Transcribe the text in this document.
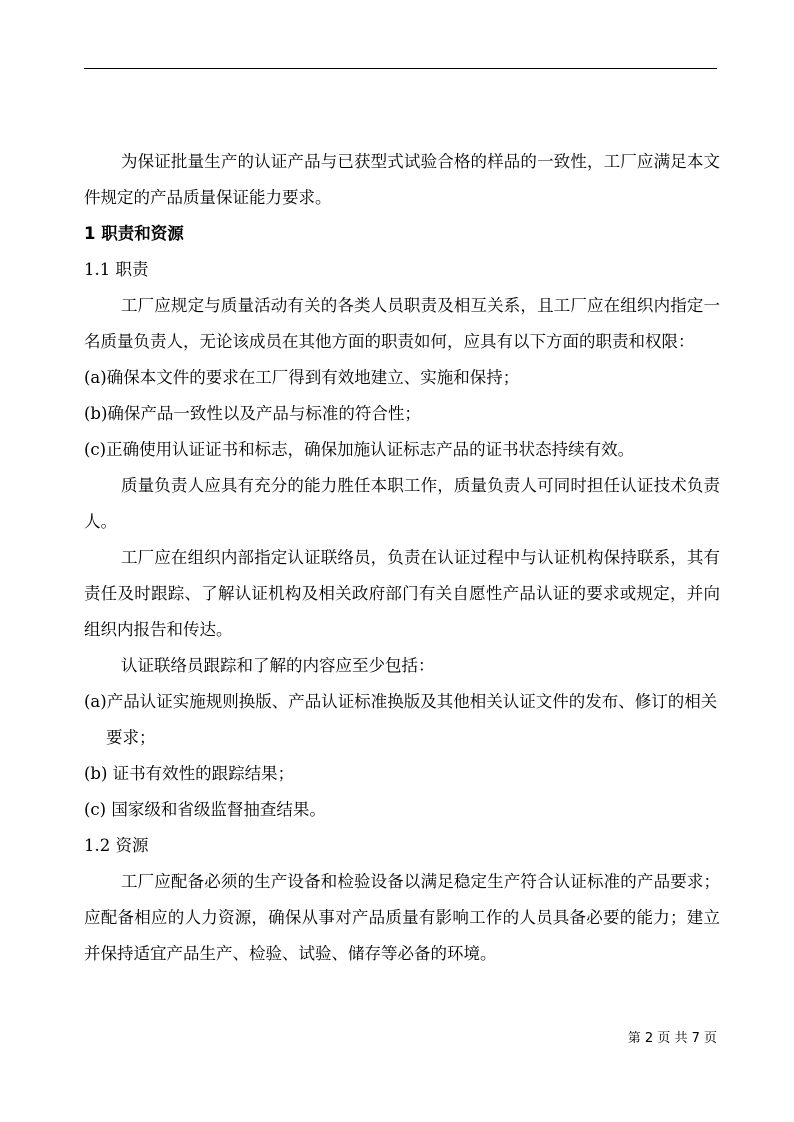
为保证批量生产的认证产品与已获型式试验合格的样品的一致性，工厂应满足本文件规定的产品质量保证能力要求。

1 职责和资源

1.1 职责

工厂应规定与质量活动有关的各类人员职责及相互关系，且工厂应在组织内指定一名质量负责人，无论该成员在其他方面的职责如何，应具有以下方面的职责和权限：

(a)确保本文件的要求在工厂得到有效地建立、实施和保持；

(b)确保产品一致性以及产品与标准的符合性；

(c)正确使用认证证书和标志，确保加施认证标志产品的证书状态持续有效。

质量负责人应具有充分的能力胜任本职工作，质量负责人可同时担任认证技术负责人。

工厂应在组织内部指定认证联络员，负责在认证过程中与认证机构保持联系，其有责任及时跟踪、了解认证机构及相关政府部门有关自愿性产品认证的要求或规定，并向组织内报告和传达。

认证联络员跟踪和了解的内容应至少包括：

(a)产品认证实施规则换版、产品认证标准换版及其他相关认证文件的发布、修订的相关要求；

(b) 证书有效性的跟踪结果；

(c) 国家级和省级监督抽查结果。

1.2 资源

工厂应配备必须的生产设备和检验设备以满足稳定生产符合认证标准的产品要求；应配备相应的人力资源，确保从事对产品质量有影响工作的人员具备必要的能力；建立并保持适宜产品生产、检验、试验、储存等必备的环境。

第 2 页 共 7 页
